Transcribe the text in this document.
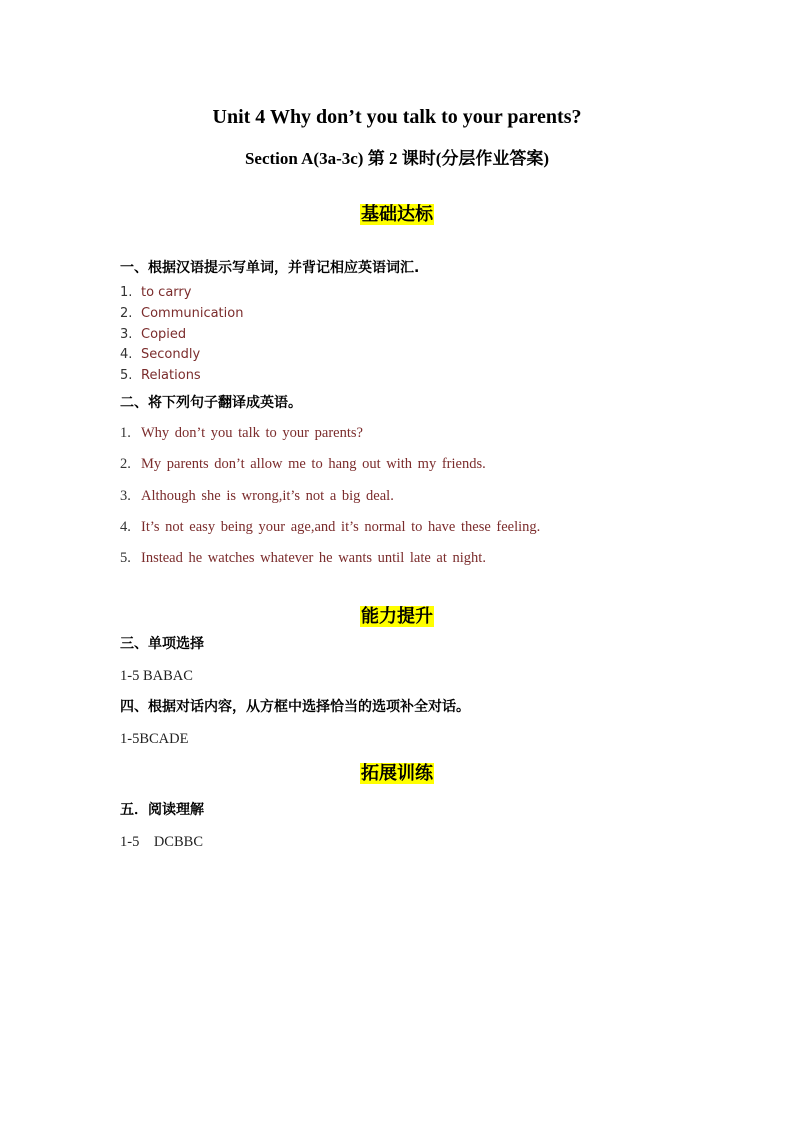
Unit 4 Why don’t you talk to your parents?
Section A(3a-3c) 第 2 课时(分层作业答案)
基础达标
一、根据汉语提示写单词，并背记相应英语词汇.
1. to carry
2. Communication
3. Copied
4. Secondly
5. Relations
二、将下列句子翻译成英语。
1. Why don’t you talk to your parents?
2. My parents don’t allow me to hang out with my friends.
3. Although she is wrong,it’s not a big deal.
4. It’s not easy being your age,and it’s normal to have these feeling.
5. Instead he watches whatever he wants until late at night.
能力提升
三、单项选择
1-5 BABAC
四、根据对话内容，从方框中选择恰当的选项补全对话。
1-5BCADE
拓展训练
五．阅读理解
1-5    DCBBC
